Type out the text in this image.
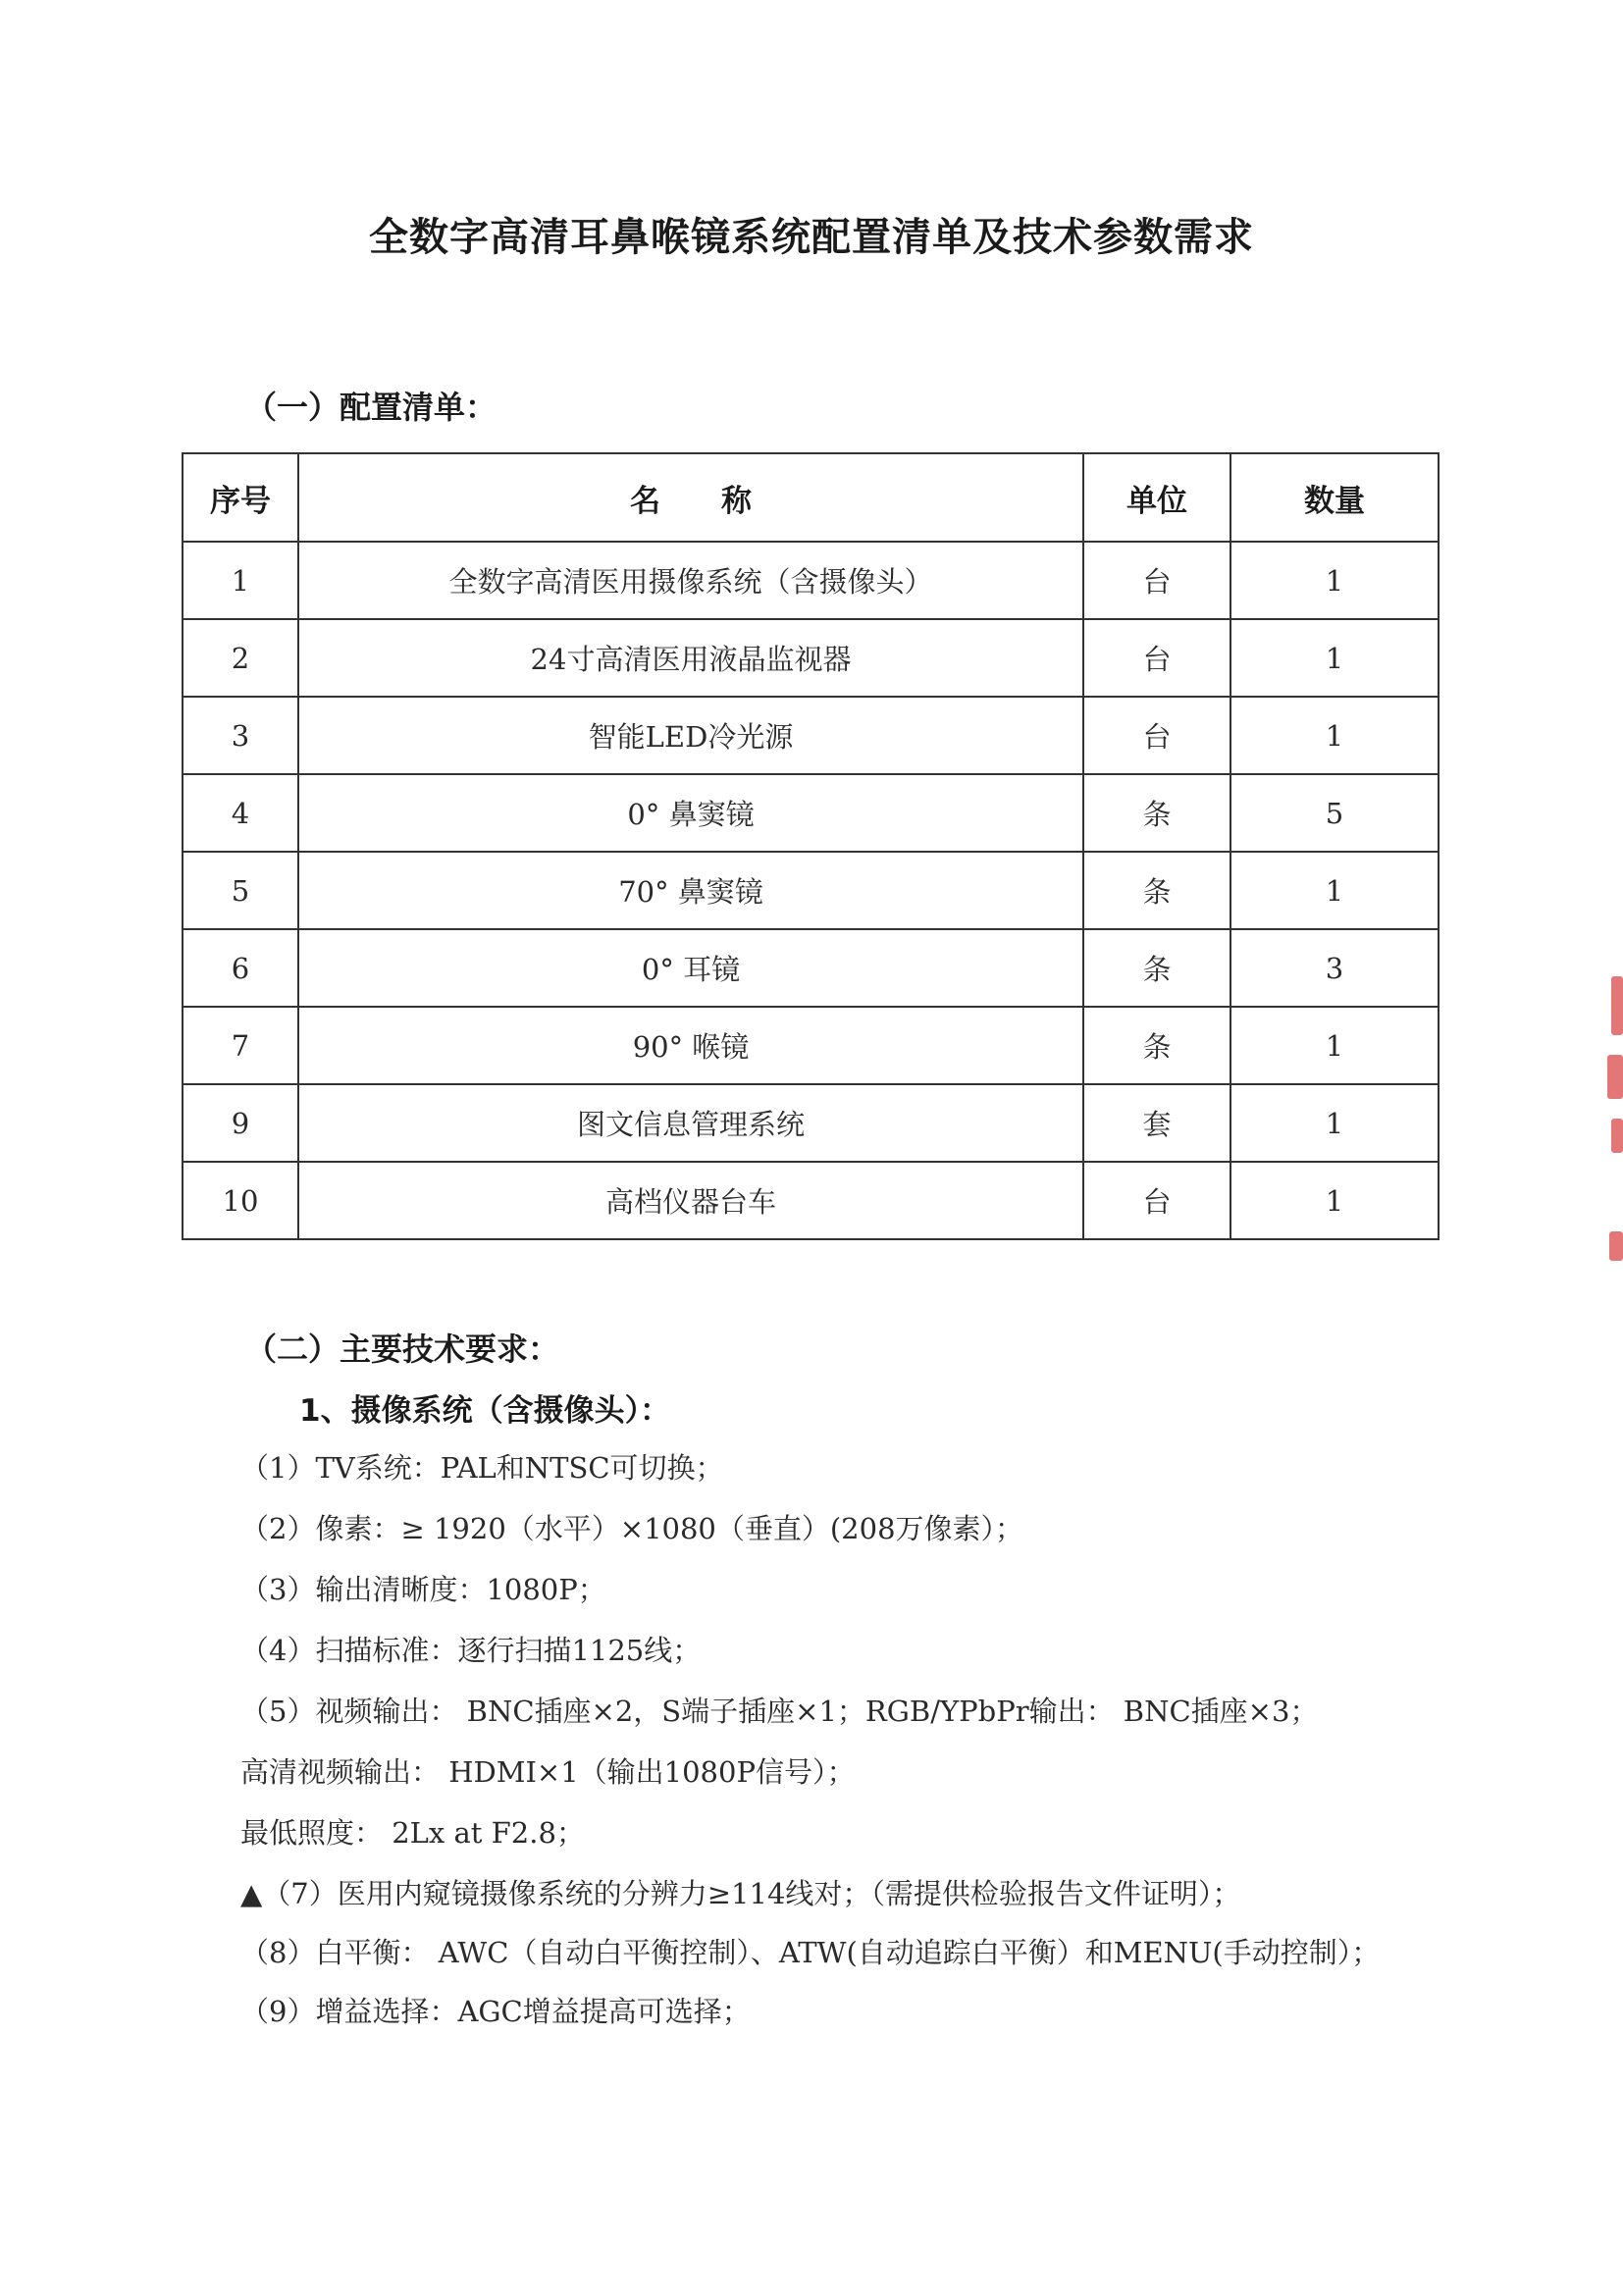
全数字高清耳鼻喉镜系统配置清单及技术参数需求
（一）配置清单：
序号	名　　称	单位	数量
1	全数字高清医用摄像系统（含摄像头）	台	1
2	24寸高清医用液晶监视器	台	1
3	智能LED冷光源	台	1
4	0° 鼻窦镜	条	5
5	70° 鼻窦镜	条	1
6	0° 耳镜	条	3
7	90° 喉镜	条	1
9	图文信息管理系统	套	1
10	高档仪器台车	台	1
（二）主要技术要求：
1、摄像系统（含摄像头）：
（1）TV系统：PAL和NTSC可切换；
（2）像素：≥ 1920（水平）×1080（垂直）(208万像素）；
（3）输出清晰度：1080P；
（4）扫描标准：逐行扫描1125线；
（5）视频输出： BNC插座×2，S端子插座×1；RGB/YPbPr输出： BNC插座×3；
高清视频输出： HDMI×1（输出1080P信号）；
最低照度： 2Lx at F2.8；
▲（7）医用内窥镜摄像系统的分辨力≥114线对；（需提供检验报告文件证明）；
（8）白平衡： AWC（自动白平衡控制）、ATW(自动追踪白平衡）和MENU(手动控制）；
（9）增益选择：AGC增益提高可选择；
